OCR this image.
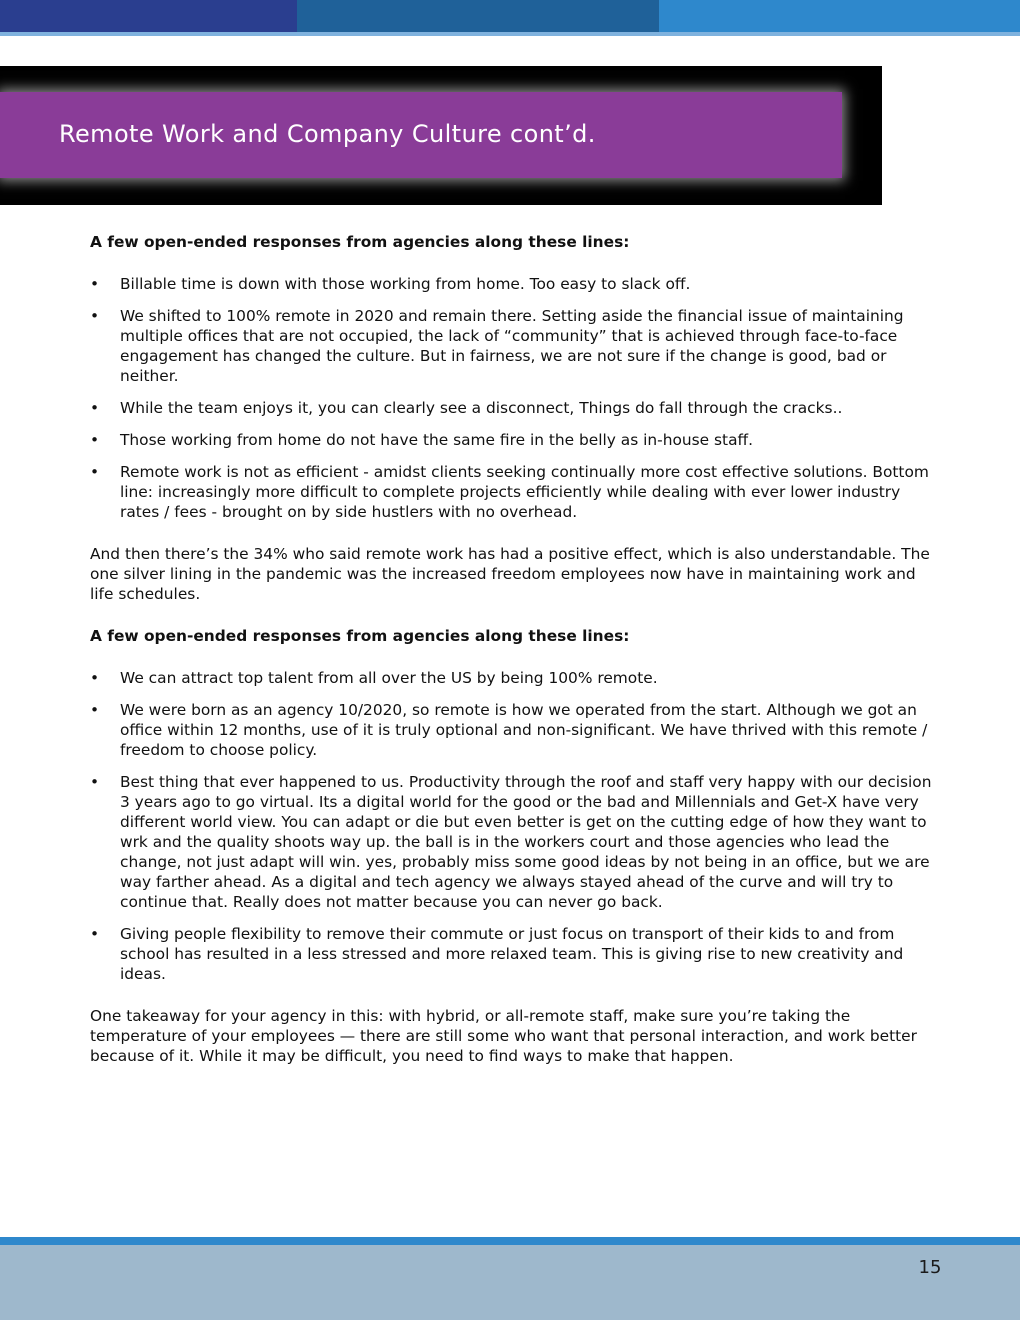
Remote Work and Company Culture cont’d.

A few open-ended responses from agencies along these lines:

• Billable time is down with those working from home. Too easy to slack off.
• We shifted to 100% remote in 2020 and remain there. Setting aside the financial issue of maintaining multiple offices that are not occupied, the lack of “community” that is achieved through face-to-face engagement has changed the culture. But in fairness, we are not sure if the change is good, bad or neither.
• While the team enjoys it, you can clearly see a disconnect, Things do fall through the cracks..
• Those working from home do not have the same fire in the belly as in-house staff.
• Remote work is not as efficient - amidst clients seeking continually more cost effective solutions. Bottom line: increasingly more difficult to complete projects efficiently while dealing with ever lower industry rates / fees - brought on by side hustlers with no overhead.

And then there’s the 34% who said remote work has had a positive effect, which is also understandable. The one silver lining in the pandemic was the increased freedom employees now have in maintaining work and life schedules.

A few open-ended responses from agencies along these lines:

• We can attract top talent from all over the US by being 100% remote.
• We were born as an agency 10/2020, so remote is how we operated from the start. Although we got an office within 12 months, use of it is truly optional and non-significant. We have thrived with this remote / freedom to choose policy.
• Best thing that ever happened to us. Productivity through the roof and staff very happy with our decision 3 years ago to go virtual. Its a digital world for the good or the bad and Millennials and Get-X have very different world view. You can adapt or die but even better is get on the cutting edge of how they want to wrk and the quality shoots way up. the ball is in the workers court and those agencies who lead the change, not just adapt will win. yes, probably miss some good ideas by not being in an office, but we are way farther ahead. As a digital and tech agency we always stayed ahead of the curve and will try to continue that. Really does not matter because you can never go back.
• Giving people flexibility to remove their commute or just focus on transport of their kids to and from school has resulted in a less stressed and more relaxed team. This is giving rise to new creativity and ideas.

One takeaway for your agency in this: with hybrid, or all-remote staff, make sure you’re taking the temperature of your employees — there are still some who want that personal interaction, and work better because of it. While it may be difficult, you need to find ways to make that happen.

15
